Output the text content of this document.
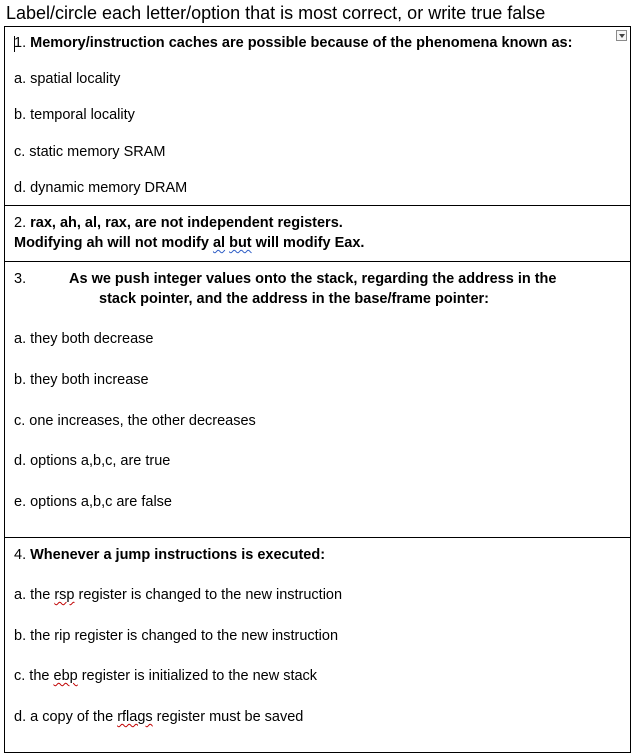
Label/circle each letter/option that is most correct, or write true false
1. Memory/instruction caches are possible because of the phenomena known as:
a. spatial locality
b. temporal locality
c. static memory SRAM
d. dynamic memory DRAM
2. rax, ah, al, rax, are not independent registers.
Modifying ah will not modify al but will modify Eax.
3.	As we push integer values onto the stack, regarding the address in the
stack pointer, and the address in the base/frame pointer:
a. they both decrease
b. they both increase
c. one increases, the other decreases
d. options a,b,c, are true
e. options a,b,c are false
4. Whenever a jump instructions is executed:
a. the rsp register is changed to the new instruction
b. the rip register is changed to the new instruction
c. the ebp register is initialized to the new stack
d. a copy of the rflags register must be saved
